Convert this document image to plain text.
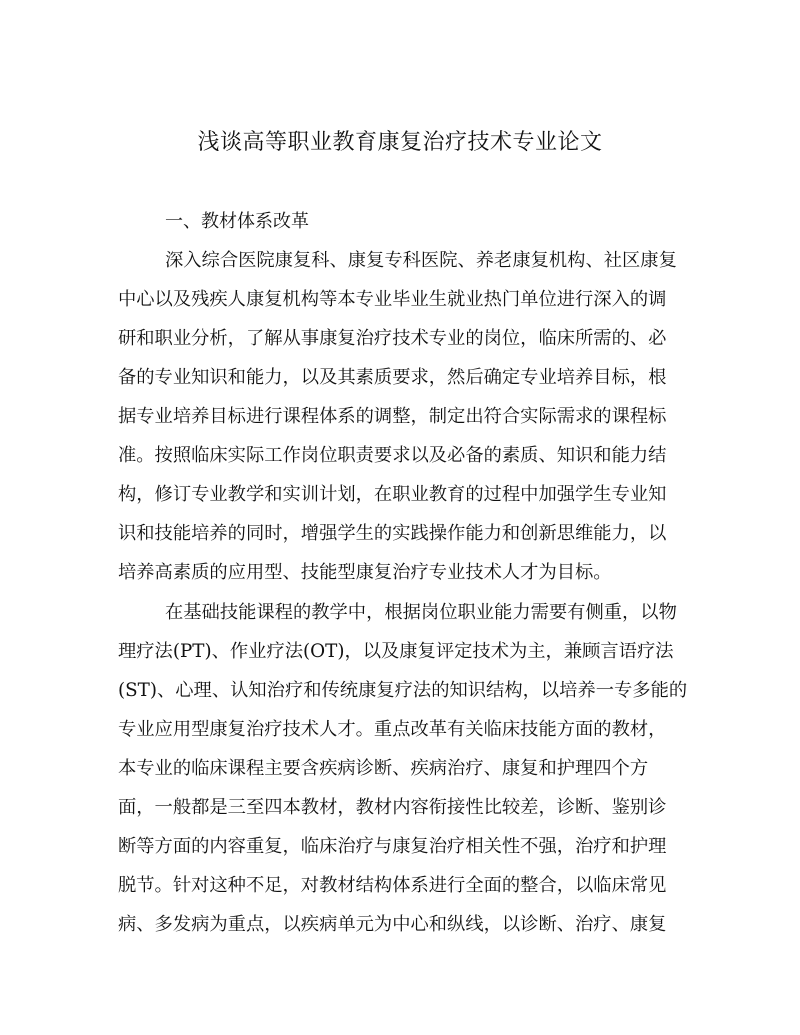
浅谈高等职业教育康复治疗技术专业论文
一、教材体系改革
深入综合医院康复科、康复专科医院、养老康复机构、社区康复
中心以及残疾人康复机构等本专业毕业生就业热门单位进行深入的调
研和职业分析，了解从事康复治疗技术专业的岗位，临床所需的、必
备的专业知识和能力，以及其素质要求，然后确定专业培养目标，根
据专业培养目标进行课程体系的调整，制定出符合实际需求的课程标
准。按照临床实际工作岗位职责要求以及必备的素质、知识和能力结
构，修订专业教学和实训计划，在职业教育的过程中加强学生专业知
识和技能培养的同时，增强学生的实践操作能力和创新思维能力，以
培养高素质的应用型、技能型康复治疗专业技术人才为目标。
在基础技能课程的教学中，根据岗位职业能力需要有侧重，以物
理疗法(PT)、作业疗法(OT)，以及康复评定技术为主，兼顾言语疗法
(ST)、心理、认知治疗和传统康复疗法的知识结构，以培养一专多能的
专业应用型康复治疗技术人才。重点改革有关临床技能方面的教材，
本专业的临床课程主要含疾病诊断、疾病治疗、康复和护理四个方
面，一般都是三至四本教材，教材内容衔接性比较差，诊断、鉴别诊
断等方面的内容重复，临床治疗与康复治疗相关性不强，治疗和护理
脱节。针对这种不足，对教材结构体系进行全面的整合，以临床常见
病、多发病为重点，以疾病单元为中心和纵线，以诊断、治疗、康复
